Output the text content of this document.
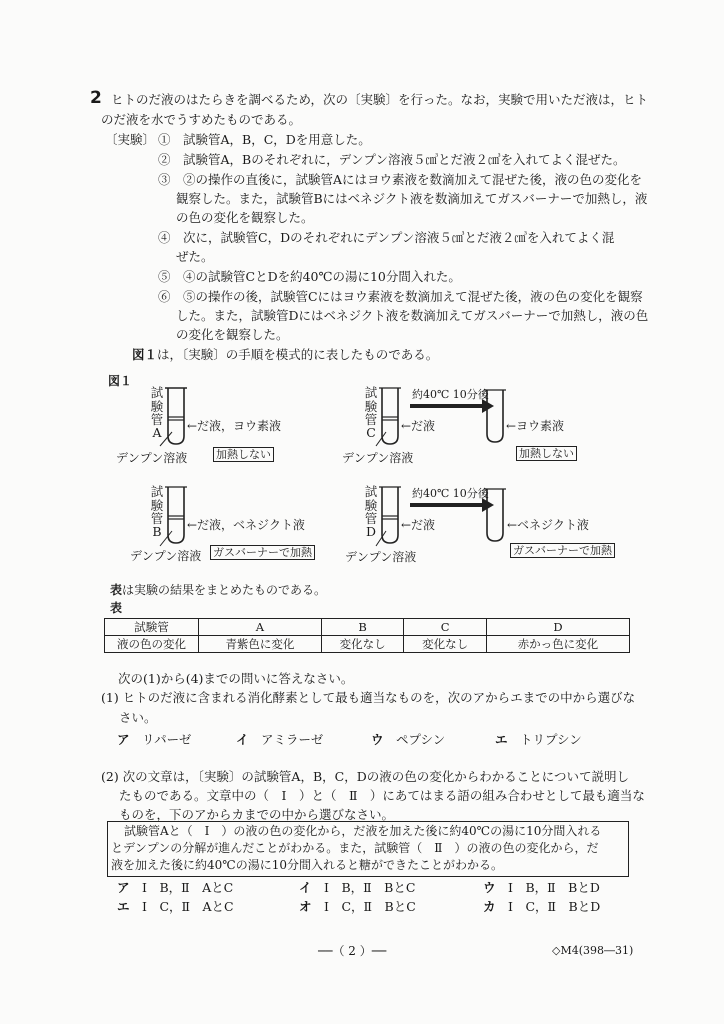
2 ヒトのだ液のはたらきを調べるため，次の〔実験〕を行った。なお，実験で用いただ液は，ヒト
のだ液を水でうすめたものである。
〔実験〕 ①　試験管A，B，C，Dを用意した。
②　試験管A，Bのそれぞれに，デンプン溶液５㎤とだ液２㎤を入れてよく混ぜた。
③　②の操作の直後に，試験管Aにはヨウ素液を数滴加えて混ぜた後，液の色の変化を
観察した。また，試験管Bにはベネジクト液を数滴加えてガスバーナーで加熱し，液
の色の変化を観察した。
④　次に，試験管C，Dのそれぞれにデンプン溶液５㎤とだ液２㎤を入れてよく混
ぜた。
⑤　④の試験管CとDを約40℃の湯に10分間入れた。
⑥　⑤の操作の後，試験管Cにはヨウ素液を数滴加えて混ぜた後，液の色の変化を観察
した。また，試験管Dにはベネジクト液を数滴加えてガスバーナーで加熱し，液の色
の変化を観察した。
図１は，〔実験〕の手順を模式的に表したものである。
図１
試験管
A ←だ液，ヨウ素液
デンプン溶液	加熱しない
試験管
C
約40℃ 10分後
←だ液	←ヨウ素液
デンプン溶液	加熱しない
試験管
B ←だ液，ベネジクト液
デンプン溶液 ガスバーナーで加熱
試験管
D
約40℃ 10分後
←だ液	←ベネジクト液
デンプン溶液	ガスバーナーで加熱
表は実験の結果をまとめたものである。
表
試験管	A	B	C	D
液の色の変化	青紫色に変化	変化なし	変化なし	赤かっ色に変化
次の(1)から(4)までの問いに答えなさい。
(1) ヒトのだ液に含まれる消化酵素として最も適当なものを，次のアからエまでの中から選びな
さい。
ア　 リパーゼ	イ　 アミラーゼ	ウ　 ペプシン	エ　 トリプシン
(2) 次の文章は，〔実験〕の試験管A，B，C，Dの液の色の変化からわかることについて説明し
たものである。文章中の（　Ⅰ　）と（　Ⅱ　）にあてはまる語の組み合わせとして最も適当な
ものを，下のアからカまでの中から選びなさい。
試験管Aと（　Ⅰ　）の液の色の変化から，だ液を加えた後に約40℃の湯に10分間入れる
とデンプンの分解が進んだことがわかる。また，試験管（　Ⅱ　）の液の色の変化から，だ
液を加えた後に約40℃の湯に10分間入れると糖ができたことがわかる。
ア　 Ⅰ　B，Ⅱ　AとC	イ　 Ⅰ　B，Ⅱ　BとC	ウ　 Ⅰ　B，Ⅱ　BとD
エ　 Ⅰ　C，Ⅱ　AとC	オ　 Ⅰ　C，Ⅱ　BとC	カ　 Ⅰ　C，Ⅱ　BとD
──（ 2 ）──	◇M4(398―31)
